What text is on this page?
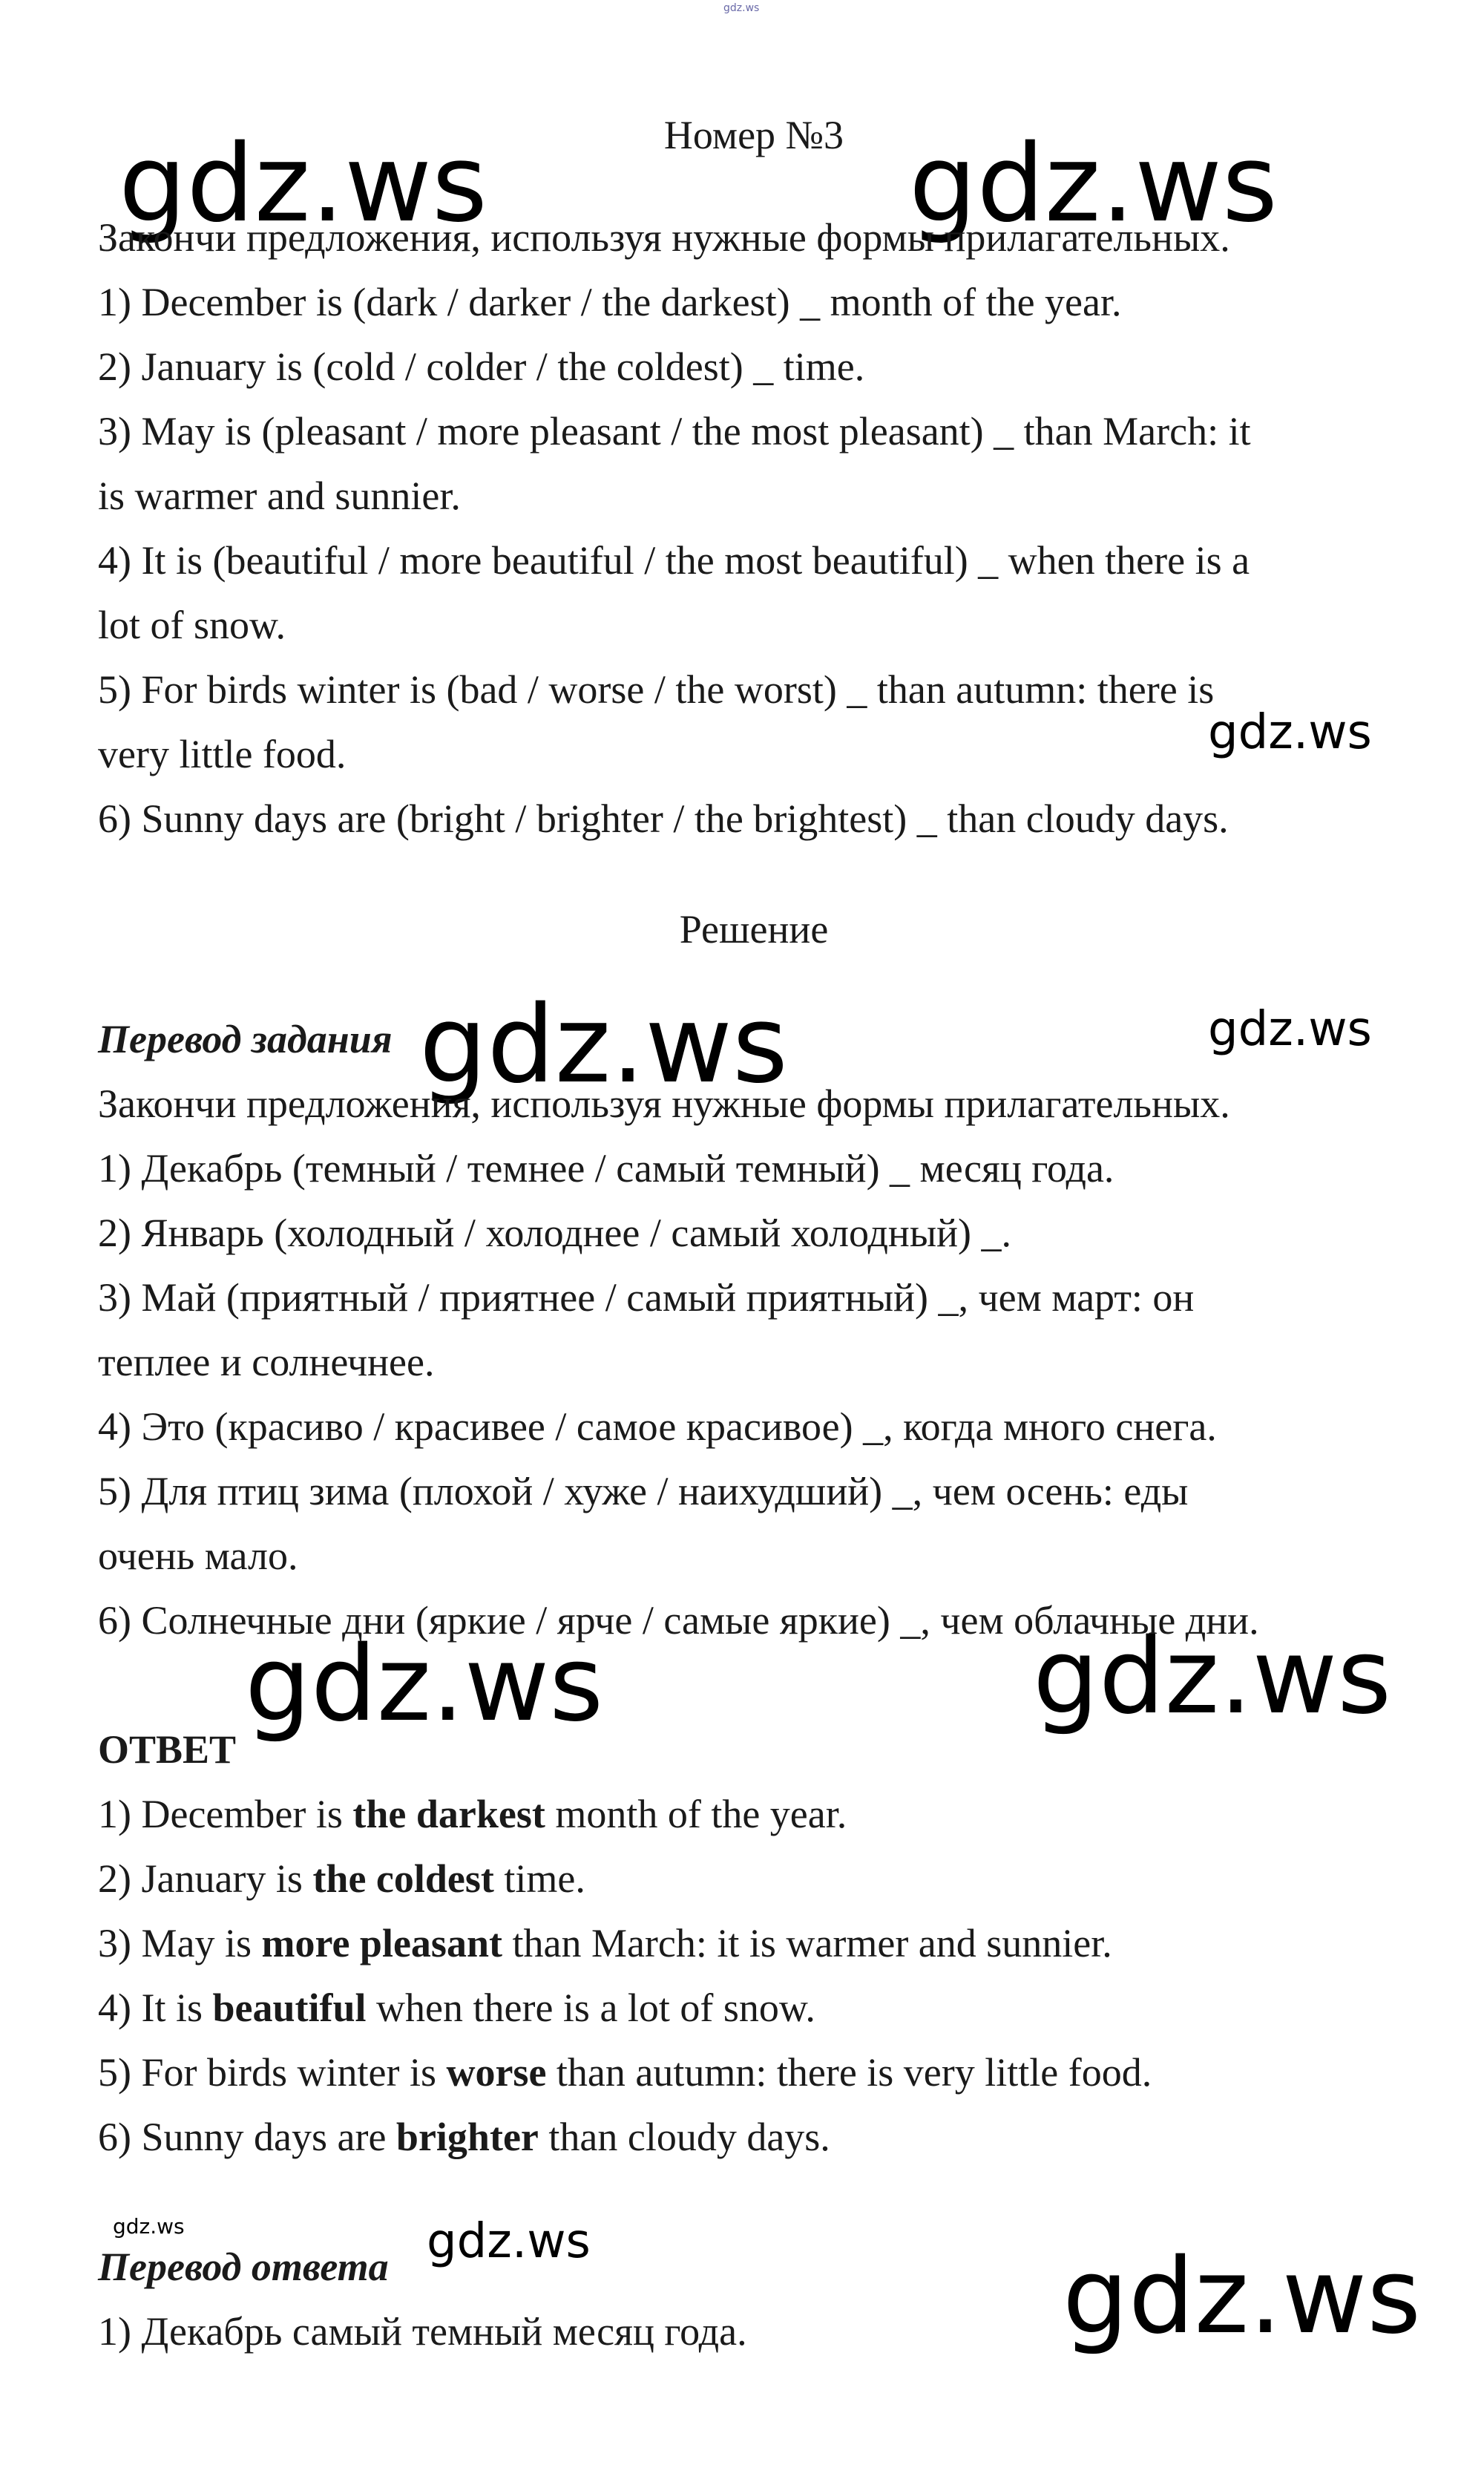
gdz.ws
gdz.ws	gdz.ws
gdz.ws
gdz.ws	gdz.ws
gdz.ws	gdz.ws
gdz.ws	gdz.ws	gdz.ws
Номер №3
Закончи предложения, используя нужные формы прилагательных.
1) December is (dark / darker / the darkest) _ month of the year.
2) January is (cold / colder / the coldest) _ time.
3) May is (pleasant / more pleasant / the most pleasant) _ than March: it
is warmer and sunnier.
4) It is (beautiful / more beautiful / the most beautiful) _ when there is a
lot of snow.
5) For birds winter is (bad / worse / the worst) _ than autumn: there is
very little food.
6) Sunny days are (bright / brighter / the brightest) _ than cloudy days.
Решение
Перевод задания
Закончи предложения, используя нужные формы прилагательных.
1) Декабрь (темный / темнее / самый темный) _ месяц года.
2) Январь (холодный / холоднее / самый холодный) _.
3) Май (приятный / приятнее / самый приятный) _, чем март: он
теплее и солнечнее.
4) Это (красиво / красивее / самое красивое) _, когда много снега.
5) Для птиц зима (плохой / хуже / наихудший) _, чем осень: еды
очень мало.
6) Солнечные дни (яркие / ярче / самые яркие) _, чем облачные дни.
ОТВЕТ
1) December is the darkest month of the year.
2) January is the coldest time.
3) May is more pleasant than March: it is warmer and sunnier.
4) It is beautiful when there is a lot of snow.
5) For birds winter is worse than autumn: there is very little food.
6) Sunny days are brighter than cloudy days.
Перевод ответа
1) Декабрь самый темный месяц года.
